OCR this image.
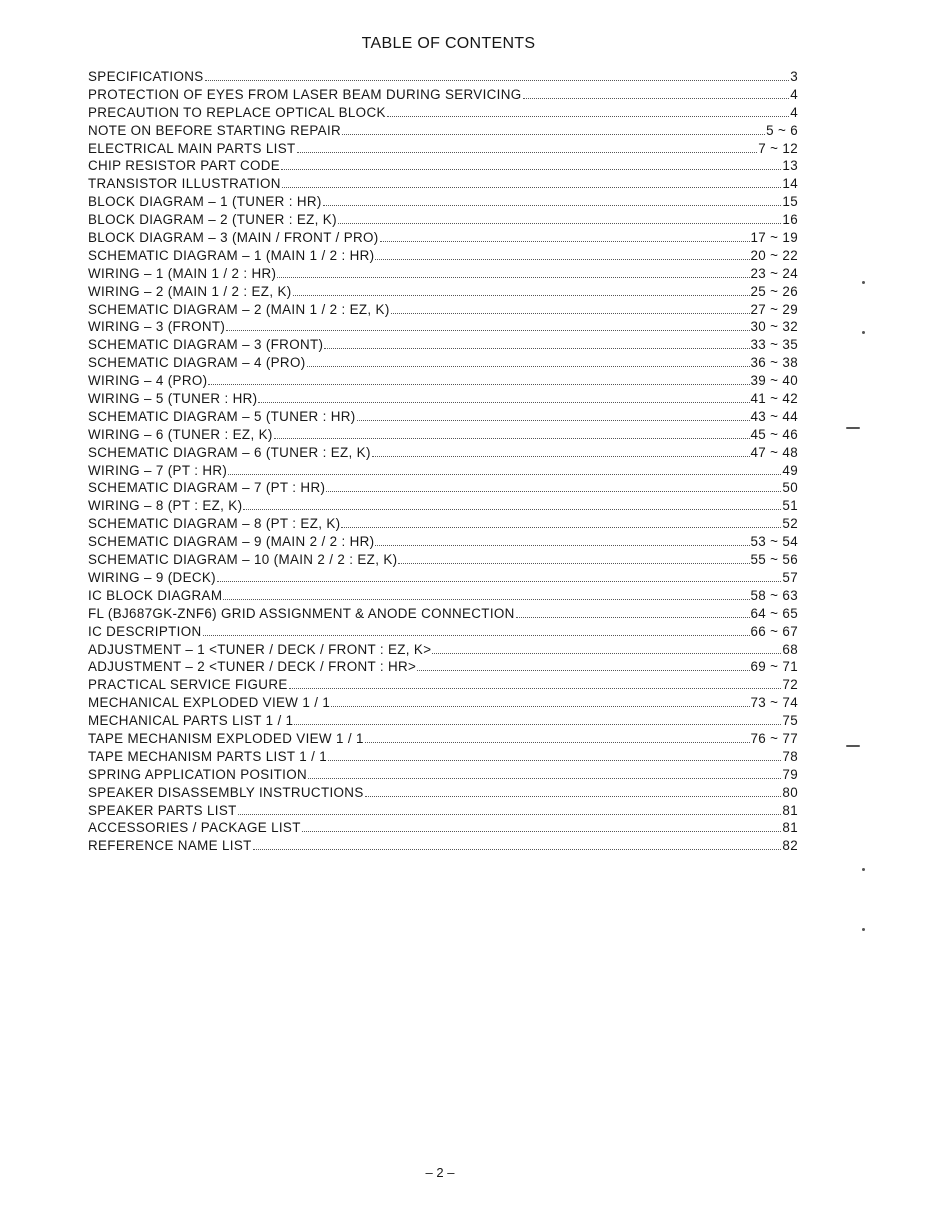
TABLE OF CONTENTS
SPECIFICATIONS	3
PROTECTION OF EYES FROM LASER BEAM DURING SERVICING	4
PRECAUTION TO REPLACE OPTICAL BLOCK	4
NOTE ON BEFORE STARTING REPAIR	5 ~ 6
ELECTRICAL MAIN PARTS LIST	7 ~ 12
CHIP RESISTOR PART CODE	13
TRANSISTOR ILLUSTRATION	14
BLOCK DIAGRAM – 1 (TUNER : HR)	15
BLOCK DIAGRAM – 2 (TUNER : EZ, K)	16
BLOCK DIAGRAM – 3 (MAIN / FRONT / PRO)	17 ~ 19
SCHEMATIC DIAGRAM – 1 (MAIN 1 / 2 : HR)	20 ~ 22
WIRING – 1 (MAIN 1 / 2 : HR)	23 ~ 24
WIRING – 2 (MAIN 1 / 2 : EZ, K)	25 ~ 26
SCHEMATIC DIAGRAM – 2 (MAIN 1 / 2 : EZ, K)	27 ~ 29
WIRING – 3 (FRONT)	30 ~ 32
SCHEMATIC DIAGRAM – 3 (FRONT)	33 ~ 35
SCHEMATIC DIAGRAM – 4 (PRO)	36 ~ 38
WIRING – 4 (PRO)	39 ~ 40
WIRING – 5 (TUNER : HR)	41 ~ 42
SCHEMATIC DIAGRAM – 5 (TUNER : HR)	43 ~ 44
WIRING – 6 (TUNER : EZ, K)	45 ~ 46
SCHEMATIC DIAGRAM – 6 (TUNER : EZ, K)	47 ~ 48
WIRING – 7 (PT : HR)	49
SCHEMATIC DIAGRAM – 7 (PT : HR)	50
WIRING – 8 (PT : EZ, K)	51
SCHEMATIC DIAGRAM – 8 (PT : EZ, K)	52
SCHEMATIC DIAGRAM – 9 (MAIN 2 / 2 : HR)	53 ~ 54
SCHEMATIC DIAGRAM – 10 (MAIN 2 / 2 : EZ, K)	55 ~ 56
WIRING – 9 (DECK)	57
IC BLOCK DIAGRAM	58 ~ 63
FL (BJ687GK-ZNF6) GRID ASSIGNMENT & ANODE CONNECTION	64 ~ 65
IC DESCRIPTION	66 ~ 67
ADJUSTMENT – 1 <TUNER / DECK / FRONT : EZ, K>	68
ADJUSTMENT – 2 <TUNER / DECK / FRONT : HR>	69 ~ 71
PRACTICAL SERVICE FIGURE	72
MECHANICAL EXPLODED VIEW 1 / 1	73 ~ 74
MECHANICAL PARTS LIST 1 / 1	75
TAPE MECHANISM EXPLODED VIEW 1 / 1	76 ~ 77
TAPE MECHANISM PARTS LIST 1 / 1	78
SPRING APPLICATION POSITION	79
SPEAKER DISASSEMBLY INSTRUCTIONS	80
SPEAKER PARTS LIST	81
ACCESSORIES / PACKAGE LIST	81
REFERENCE NAME LIST	82
– 2 –
